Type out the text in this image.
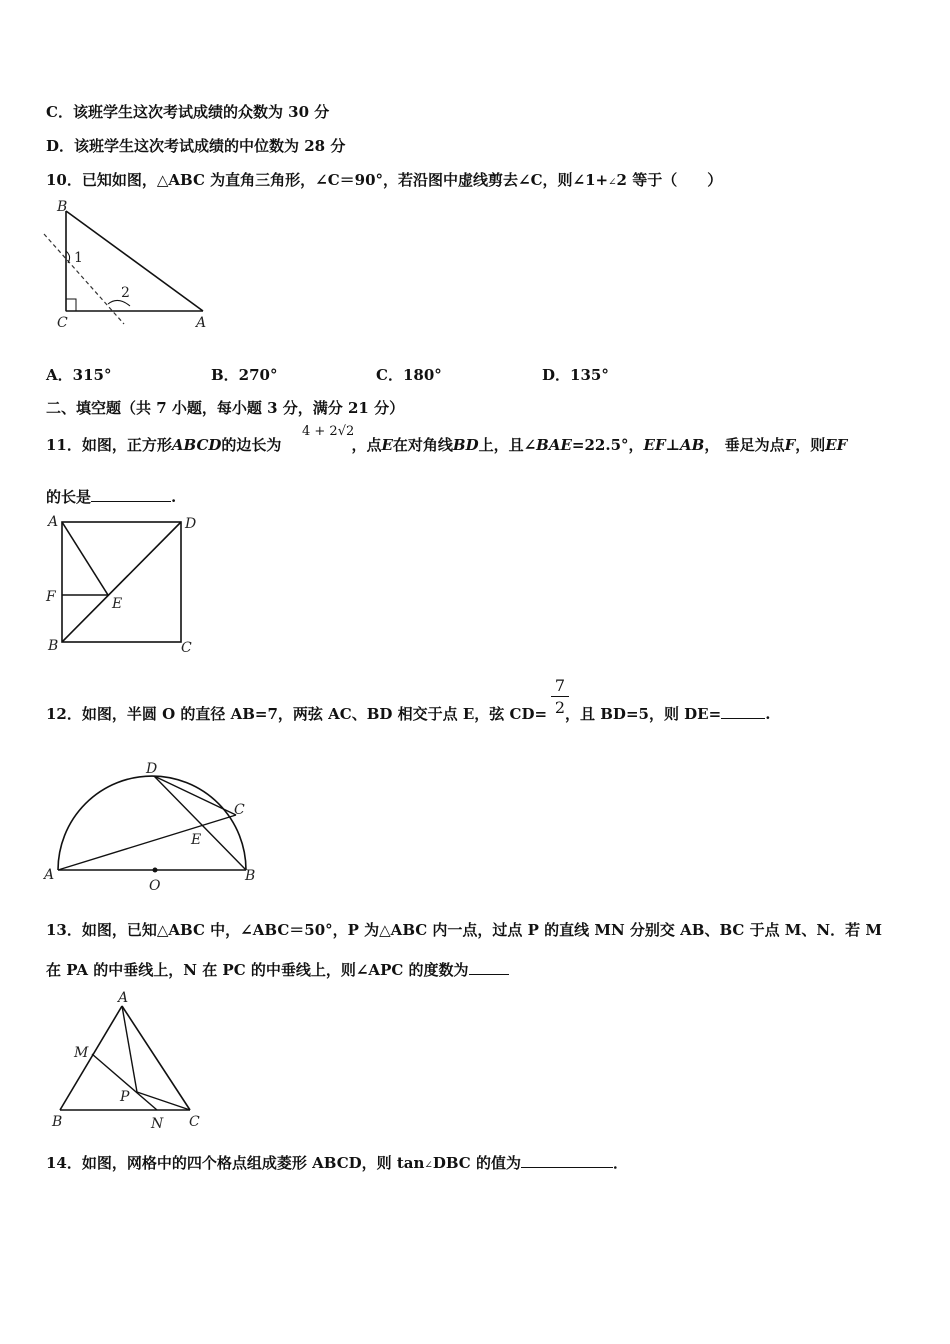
C．该班学生这次考试成绩的众数为 30 分
D．该班学生这次考试成绩的中位数为 28 分
10．已知如图，△ABC 为直角三角形，∠C＝90°，若沿图中虚线剪去∠C，则∠1+∠2 等于（　　）
B
1
2
C	A
A．315°	B．270°	C．180°	D．135°
二、填空题（共 7 小题，每小题 3 分，满分 21 分）
11．如图，正方形ABCD的边长为	，点E在对角线BD上，且∠BAE=22.5°，EF⊥AB， 垂足为点F，则EF
4 + 2√2
的长是	.
A	D
F	E
B	C
7
2
12．如图，半圆 O 的直径 AB=7，两弦 AC、BD 相交于点 E，弦 CD= ，且 BD=5，则 DE=	.
D
C
E
A
O
B
13．如图，已知△ABC 中，∠ABC＝50°，P 为△ABC 内一点，过点 P 的直线 MN 分别交 AB、BC 于点 M、N．若 M
在 PA 的中垂线上，N 在 PC 的中垂线上，则∠APC 的度数为
A
M
P
B	N C
14．如图，网格中的四个格点组成菱形 ABCD，则 tan∠DBC 的值为	．
